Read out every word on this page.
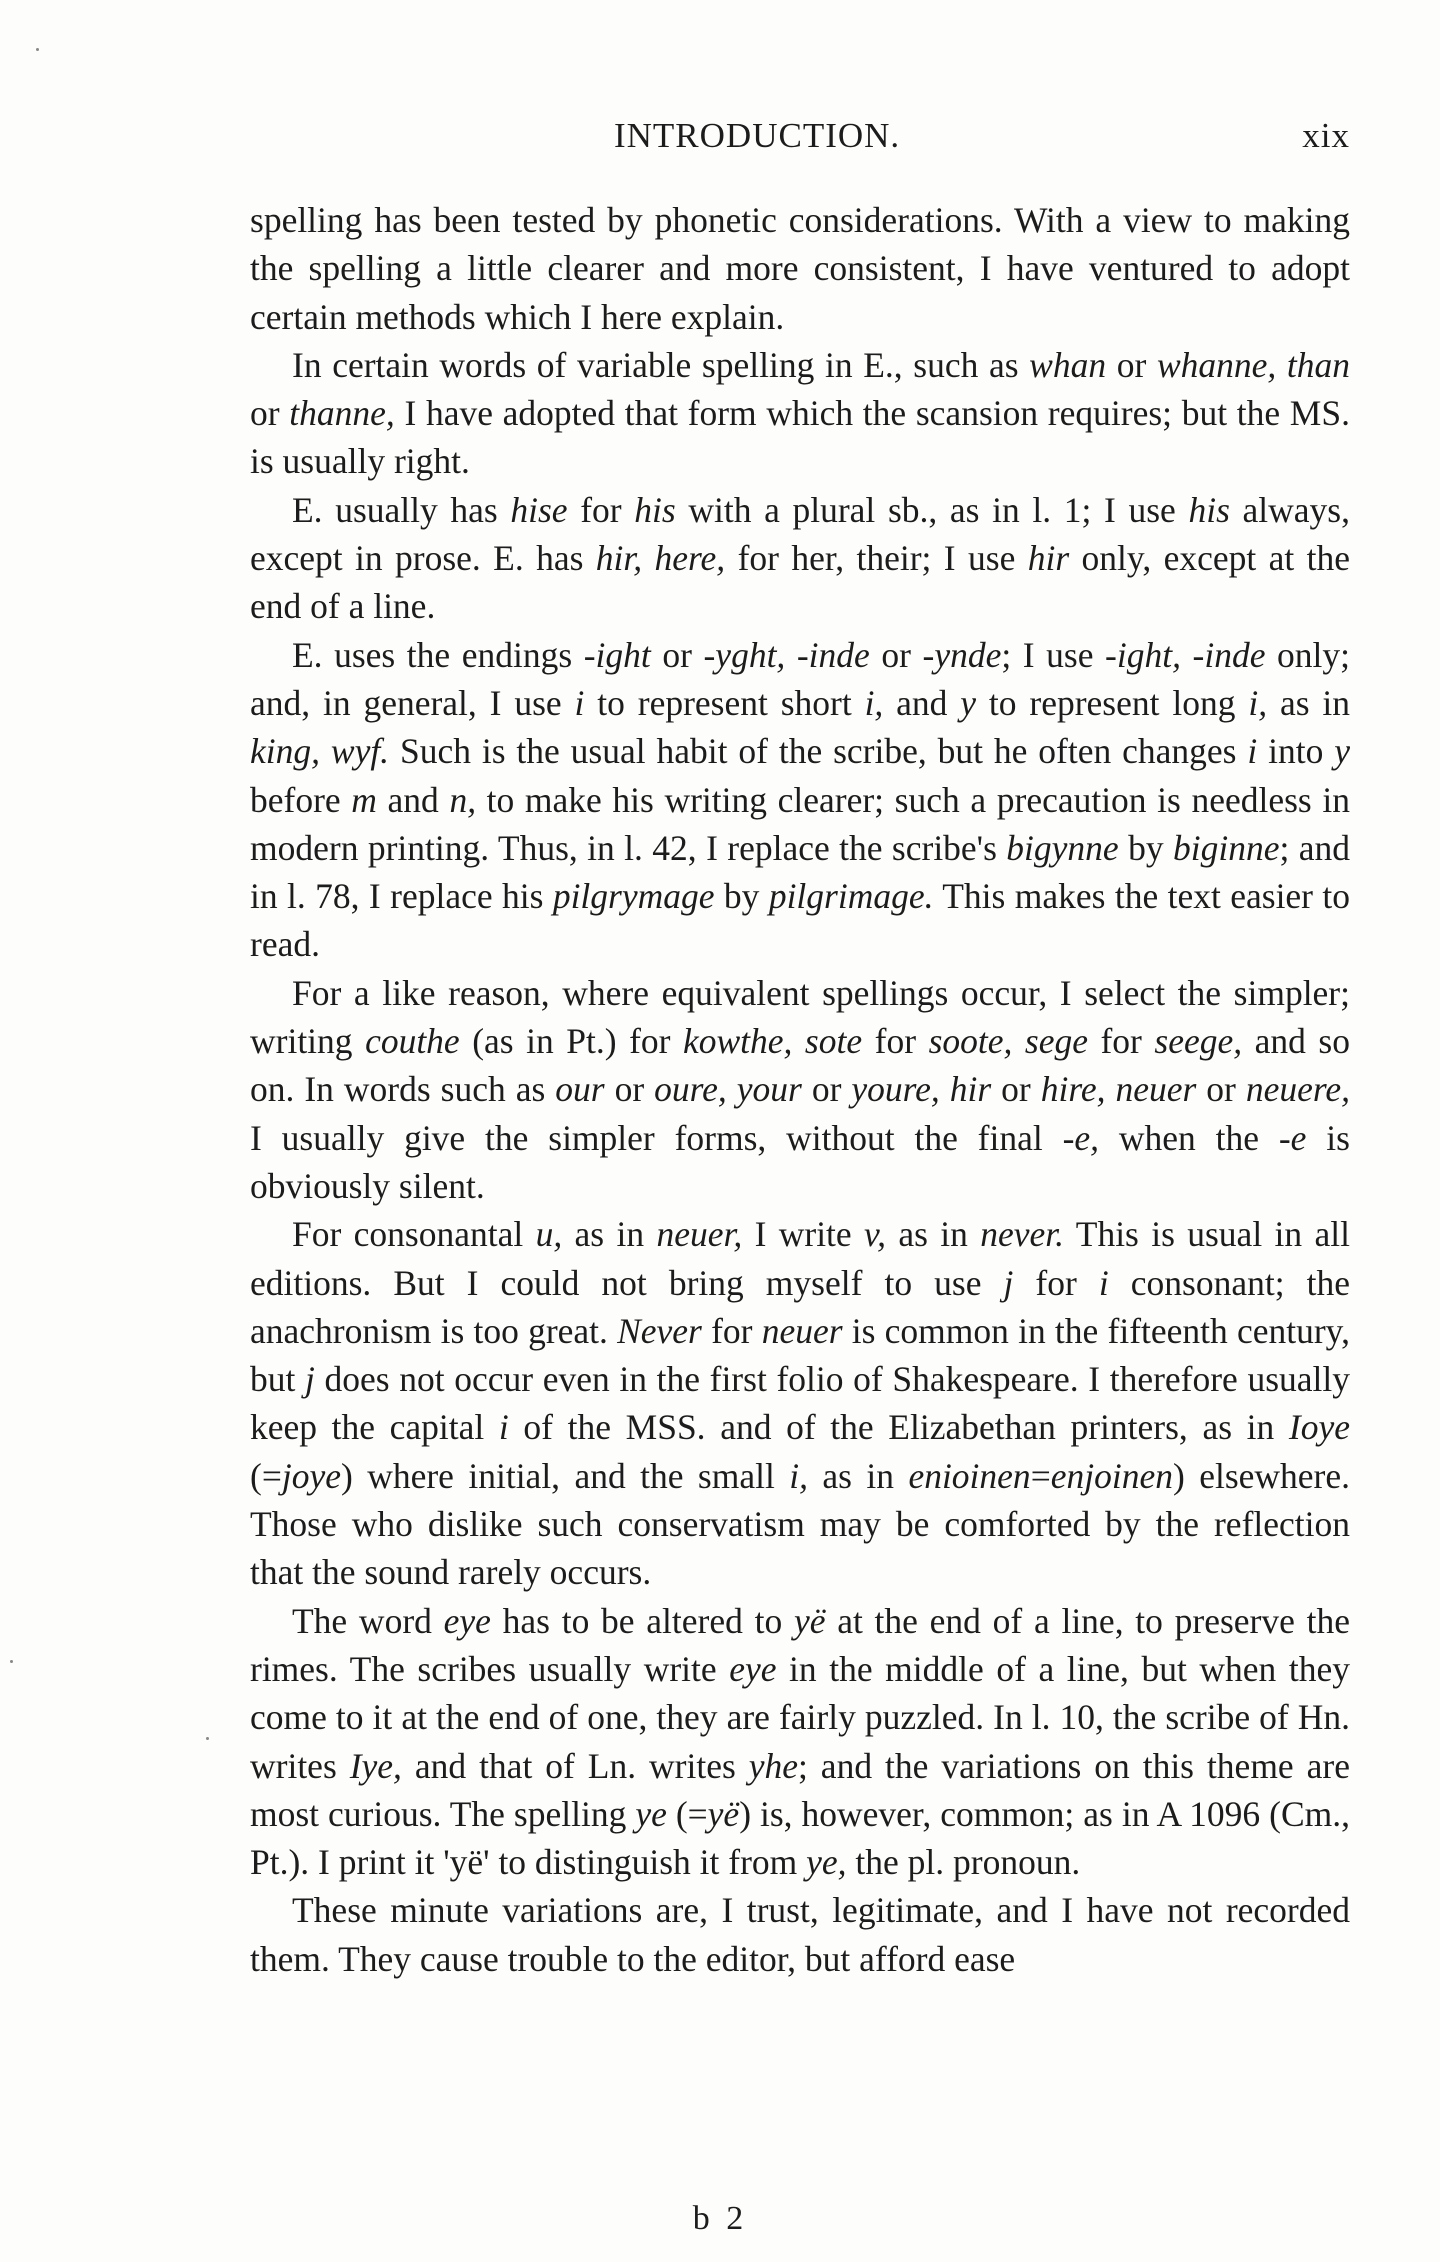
INTRODUCTION.	xix

spelling has been tested by phonetic considerations. With a view to making the spelling a little clearer and more consistent, I have ventured to adopt certain methods which I here explain.

In certain words of variable spelling in E., such as whan or whanne, than or thanne, I have adopted that form which the scansion requires; but the MS. is usually right.

E. usually has hise for his with a plural sb., as in l. 1; I use his always, except in prose. E. has hir, here, for her, their; I use hir only, except at the end of a line.

E. uses the endings -ight or -yght, -inde or -ynde; I use -ight, -inde only; and, in general, I use i to represent short i, and y to represent long i, as in king, wyf. Such is the usual habit of the scribe, but he often changes i into y before m and n, to make his writing clearer; such a precaution is needless in modern printing. Thus, in l. 42, I replace the scribe's bigynne by biginne; and in l. 78, I replace his pilgrymage by pilgrimage. This makes the text easier to read.

For a like reason, where equivalent spellings occur, I select the simpler; writing couthe (as in Pt.) for kowthe, sote for soote, sege for seege, and so on. In words such as our or oure, your or youre, hir or hire, neuer or neuere, I usually give the simpler forms, without the final -e, when the -e is obviously silent.

For consonantal u, as in neuer, I write v, as in never. This is usual in all editions. But I could not bring myself to use j for i consonant; the anachronism is too great. Never for neuer is common in the fifteenth century, but j does not occur even in the first folio of Shakespeare. I therefore usually keep the capital i of the MSS. and of the Elizabethan printers, as in Ioye (=joye) where initial, and the small i, as in enioinen=enjoinen) elsewhere. Those who dislike such conservatism may be comforted by the reflection that the sound rarely occurs.

The word eye has to be altered to yë at the end of a line, to preserve the rimes. The scribes usually write eye in the middle of a line, but when they come to it at the end of one, they are fairly puzzled. In l. 10, the scribe of Hn. writes Iye, and that of Ln. writes yhe; and the variations on this theme are most curious. The spelling ye (=yë) is, however, common; as in A 1096 (Cm., Pt.). I print it 'yë' to distinguish it from ye, the pl. pronoun.

These minute variations are, I trust, legitimate, and I have not recorded them. They cause trouble to the editor, but afford ease

b 2
